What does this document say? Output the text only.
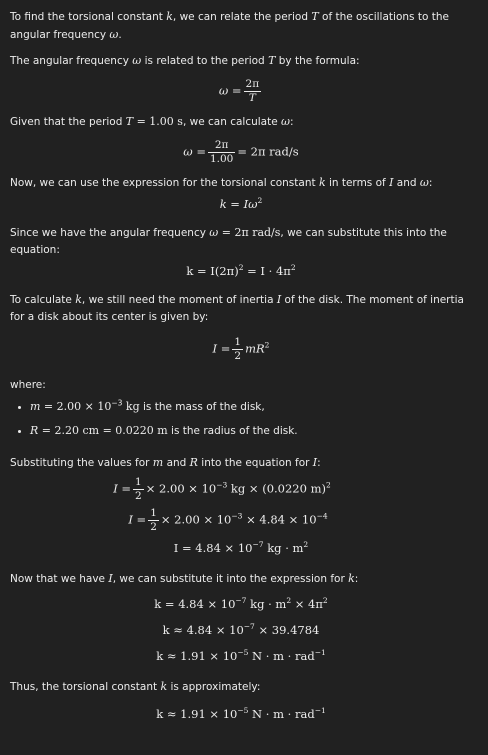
To find the torsional constant k, we can relate the period T of the oscillations to the angular frequency ω.

The angular frequency ω is related to the period T by the formula:

$\omega = \frac{2\pi}{T}$

Given that the period T = 1.00 s, we can calculate ω:

$\omega = \frac{2\pi}{1.00} = 2\pi$ rad/s

Now, we can use the expression for the torsional constant k in terms of I and ω:

$k = I\omega^2$

Since we have the angular frequency ω = 2π rad/s, we can substitute this into the equation:

$k = I(2\pi)^2 = I \cdot 4\pi^2$

To calculate k, we still need the moment of inertia I of the disk. The moment of inertia for a disk about its center is given by:

$I = \frac{1}{2} mR^2$

where:

• $m = 2.00 \times 10^{-3}$ kg is the mass of the disk,
• R = 2.20 cm = 0.0220 m is the radius of the disk.

Substituting the values for m and R into the equation for I:

$I = \frac{1}{2} \times 2.00 \times 10^{-3}$ kg × (0.0220 m)$^2$
$I = \frac{1}{2} \times 2.00 \times 10^{-3} \times 4.84 \times 10^{-4}$
$I = 4.84 \times 10^{-7}$ kg · $m^2$

Now that we have I, we can substitute it into the expression for k:

$k = 4.84 \times 10^{-7}$ kg · $m^2 \times 4\pi^2$
$k \approx 4.84 \times 10^{-7} \times 39.4784$
$k \approx 1.91 \times 10^{-5}$ N · m · rad$^{-1}$

Thus, the torsional constant k is approximately:

$k \approx 1.91 \times 10^{-5}$ N · m · rad$^{-1}$
